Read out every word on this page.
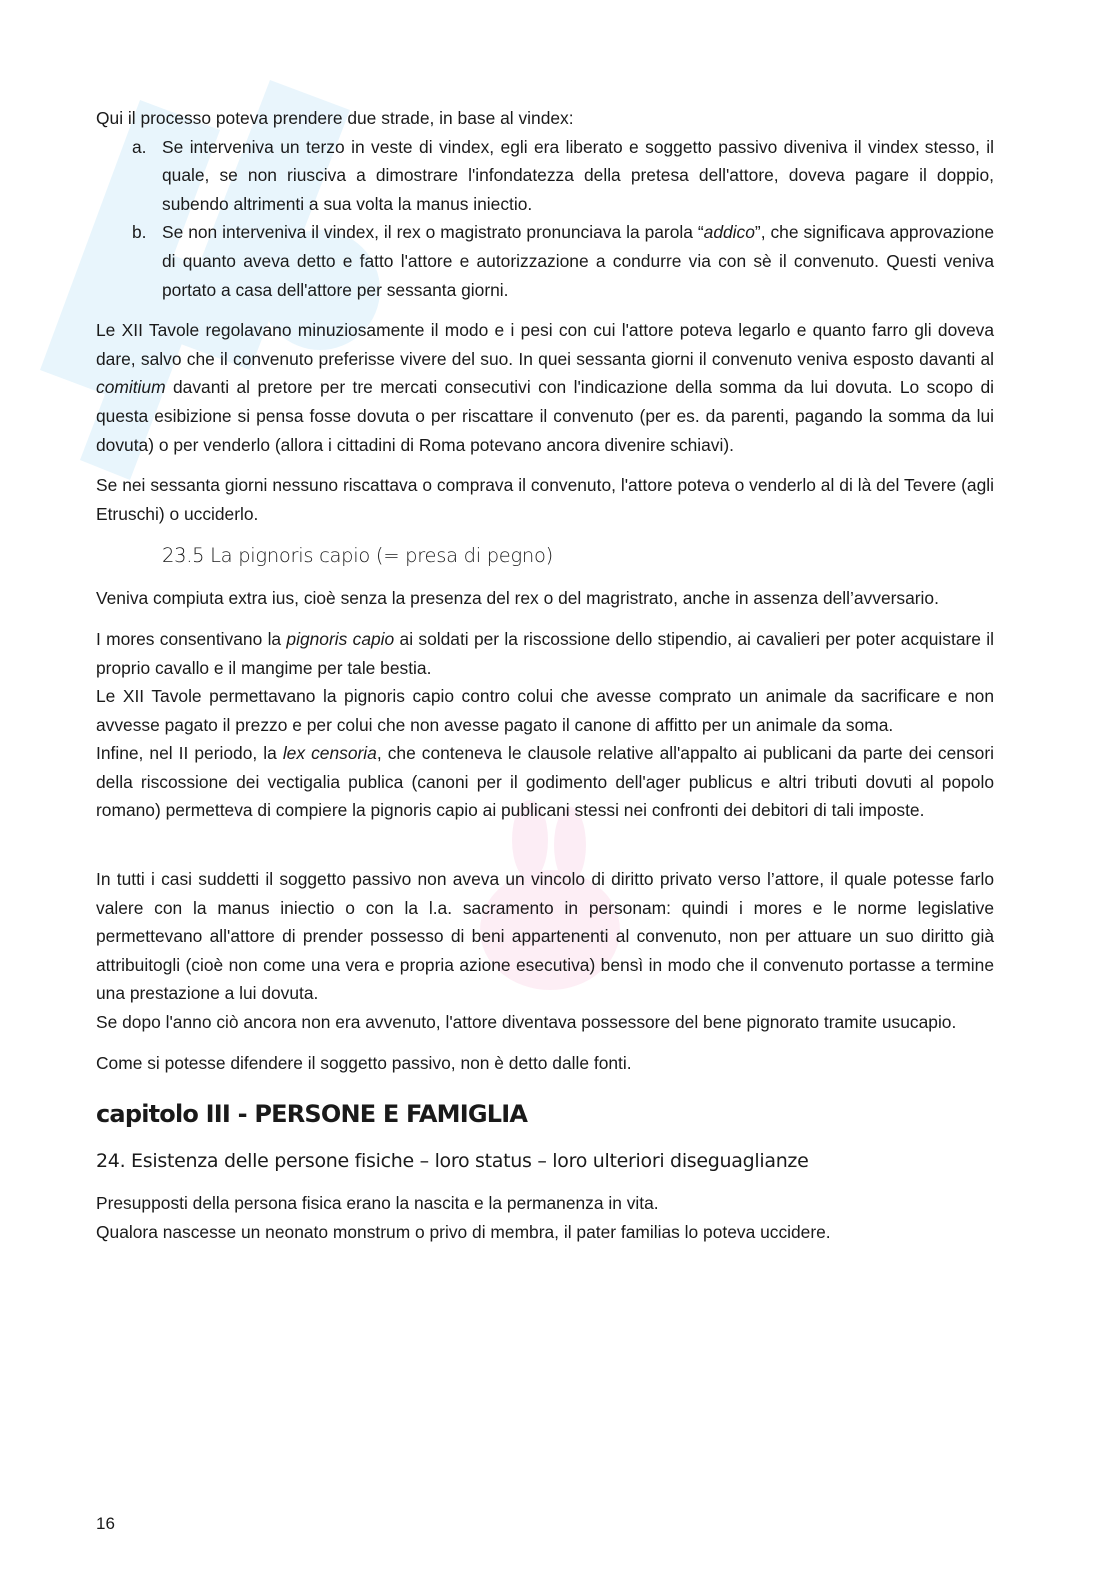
Qui il processo poteva prendere due strade, in base al vindex:

a. Se interveniva un terzo in veste di vindex, egli era liberato e soggetto passivo diveniva il vindex stesso, il quale, se non riusciva a dimostrare l'infondatezza della pretesa dell'attore, doveva pagare il doppio, subendo altrimenti a sua volta la manus iniectio.
b. Se non interveniva il vindex, il rex o magistrato pronunciava la parola “addico”, che significava approvazione di quanto aveva detto e fatto l'attore e autorizzazione a condurre via con sè il convenuto. Questi veniva portato a casa dell'attore per sessanta giorni.

Le XII Tavole regolavano minuziosamente il modo e i pesi con cui l'attore poteva legarlo e quanto farro gli doveva dare, salvo che il convenuto preferisse vivere del suo. In quei sessanta giorni il convenuto veniva esposto davanti al comitium davanti al pretore per tre mercati consecutivi con l'indicazione della somma da lui dovuta. Lo scopo di questa esibizione si pensa fosse dovuta o per riscattare il convenuto (per es. da parenti, pagando la somma da lui dovuta) o per venderlo (allora i cittadini di Roma potevano ancora divenire schiavi).

Se nei sessanta giorni nessuno riscattava o comprava il convenuto, l'attore poteva o venderlo al di là del Tevere (agli Etruschi) o ucciderlo.

23.5 La pignoris capio (= presa di pegno)

Veniva compiuta extra ius, cioè senza la presenza del rex o del magristrato, anche in assenza dell’avversario.

I mores consentivano la pignoris capio ai soldati per la riscossione dello stipendio, ai cavalieri per poter acquistare il proprio cavallo e il mangime per tale bestia.

Le XII Tavole permettavano la pignoris capio contro colui che avesse comprato un animale da sacrificare e non avvesse pagato il prezzo e per colui che non avesse pagato il canone di affitto per un animale da soma.

Infine, nel II periodo, la lex censoria, che conteneva le clausole relative all'appalto ai publicani da parte dei censori della riscossione dei vectigalia publica (canoni per il godimento dell'ager publicus e altri tributi dovuti al popolo romano) permetteva di compiere la pignoris capio ai publicani stessi nei confronti dei debitori di tali imposte.

In tutti i casi suddetti il soggetto passivo non aveva un vincolo di diritto privato verso l’attore, il quale potesse farlo valere con la manus iniectio o con la l.a. sacramento in personam: quindi i mores e le norme legislative permettevano all'attore di prender possesso di beni appartenenti al convenuto, non per attuare un suo diritto già attribuitogli (cioè non come una vera e propria azione esecutiva) bensì in modo che il convenuto portasse a termine una prestazione a lui dovuta.

Se dopo l'anno ciò ancora non era avvenuto, l'attore diventava possessore del bene pignorato tramite usucapio.

Come si potesse difendere il soggetto passivo, non è detto dalle fonti.

capitolo III - PERSONE E FAMIGLIA
24. Esistenza delle persone fisiche – loro status – loro ulteriori diseguaglianze

Presupposti della persona fisica erano la nascita e la permanenza in vita.

Qualora nascesse un neonato monstrum o privo di membra, il pater familias lo poteva uccidere.

16
